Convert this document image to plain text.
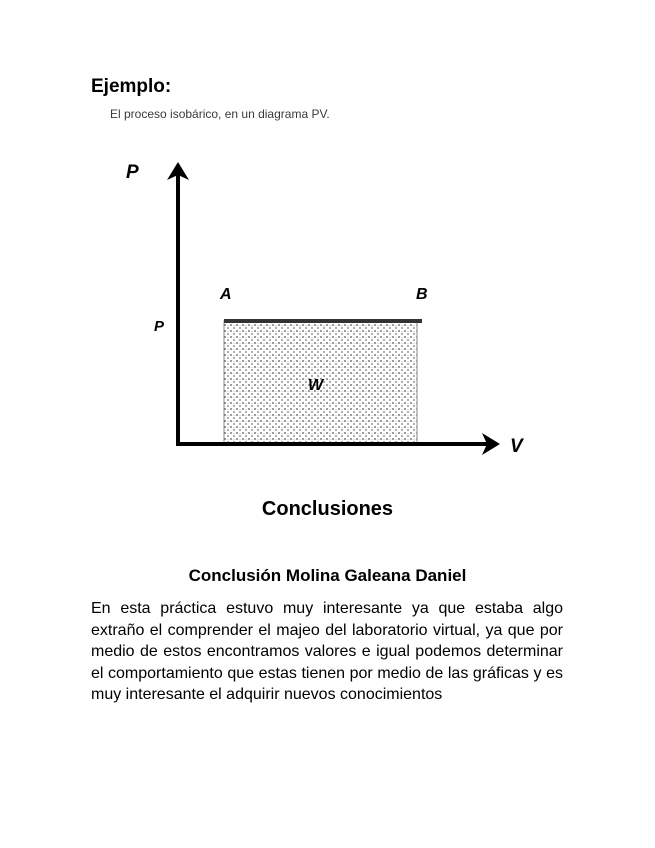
Ejemplo:
El proceso isobárico, en un diagrama PV.
P
V
P
A	B
W
Conclusiones
Conclusión Molina Galeana Daniel
En esta práctica estuvo muy interesante ya que estaba algo extraño el comprender el majeo del laboratorio virtual, ya que por medio de estos encontramos valores e igual podemos determinar el comportamiento que estas tienen por medio de las gráficas y es muy interesante el adquirir nuevos conocimientos
